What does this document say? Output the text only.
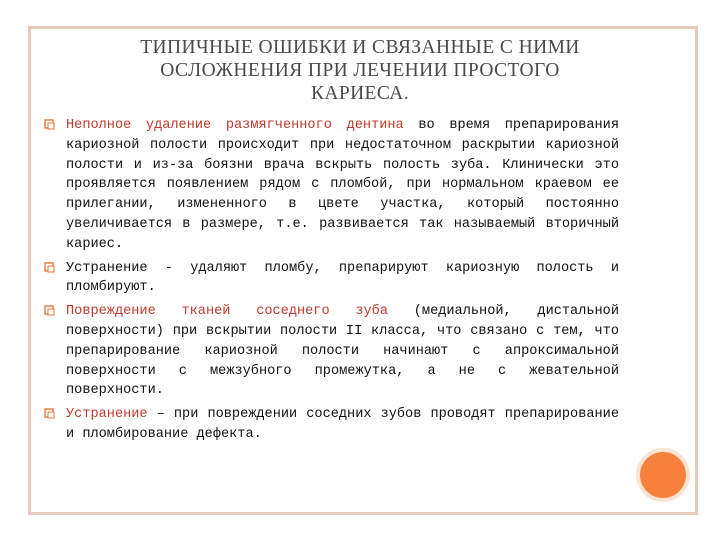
ТИПИЧНЫЕ ОШИБКИ И СВЯЗАННЫЕ С НИМИ
ОСЛОЖНЕНИЯ ПРИ ЛЕЧЕНИИ ПРОСТОГО
КАРИЕСА.

Неполное удаление размягченного дентина во время препарирования кариозной полости происходит при недостаточном раскрытии кариозной полости и из-за боязни врача вскрыть полость зуба. Клинически это проявляется появлением рядом с пломбой, при нормальном краевом ее прилегании, измененного в цвете участка, который постоянно увеличивается в размере, т.е. развивается так называемый вторичный кариес.

Устранение - удаляют пломбу, препарируют кариозную полость и пломбируют.

Повреждение тканей соседнего зуба (медиальной, дистальной поверхности) при вскрытии полости II класса, что связано с тем, что препарирование кариозной полости начинают с апроксимальной поверхности с межзубного промежутка, а не с жевательной поверхности.

Устранение – при повреждении соседних зубов проводят препарирование и пломбирование дефекта.
